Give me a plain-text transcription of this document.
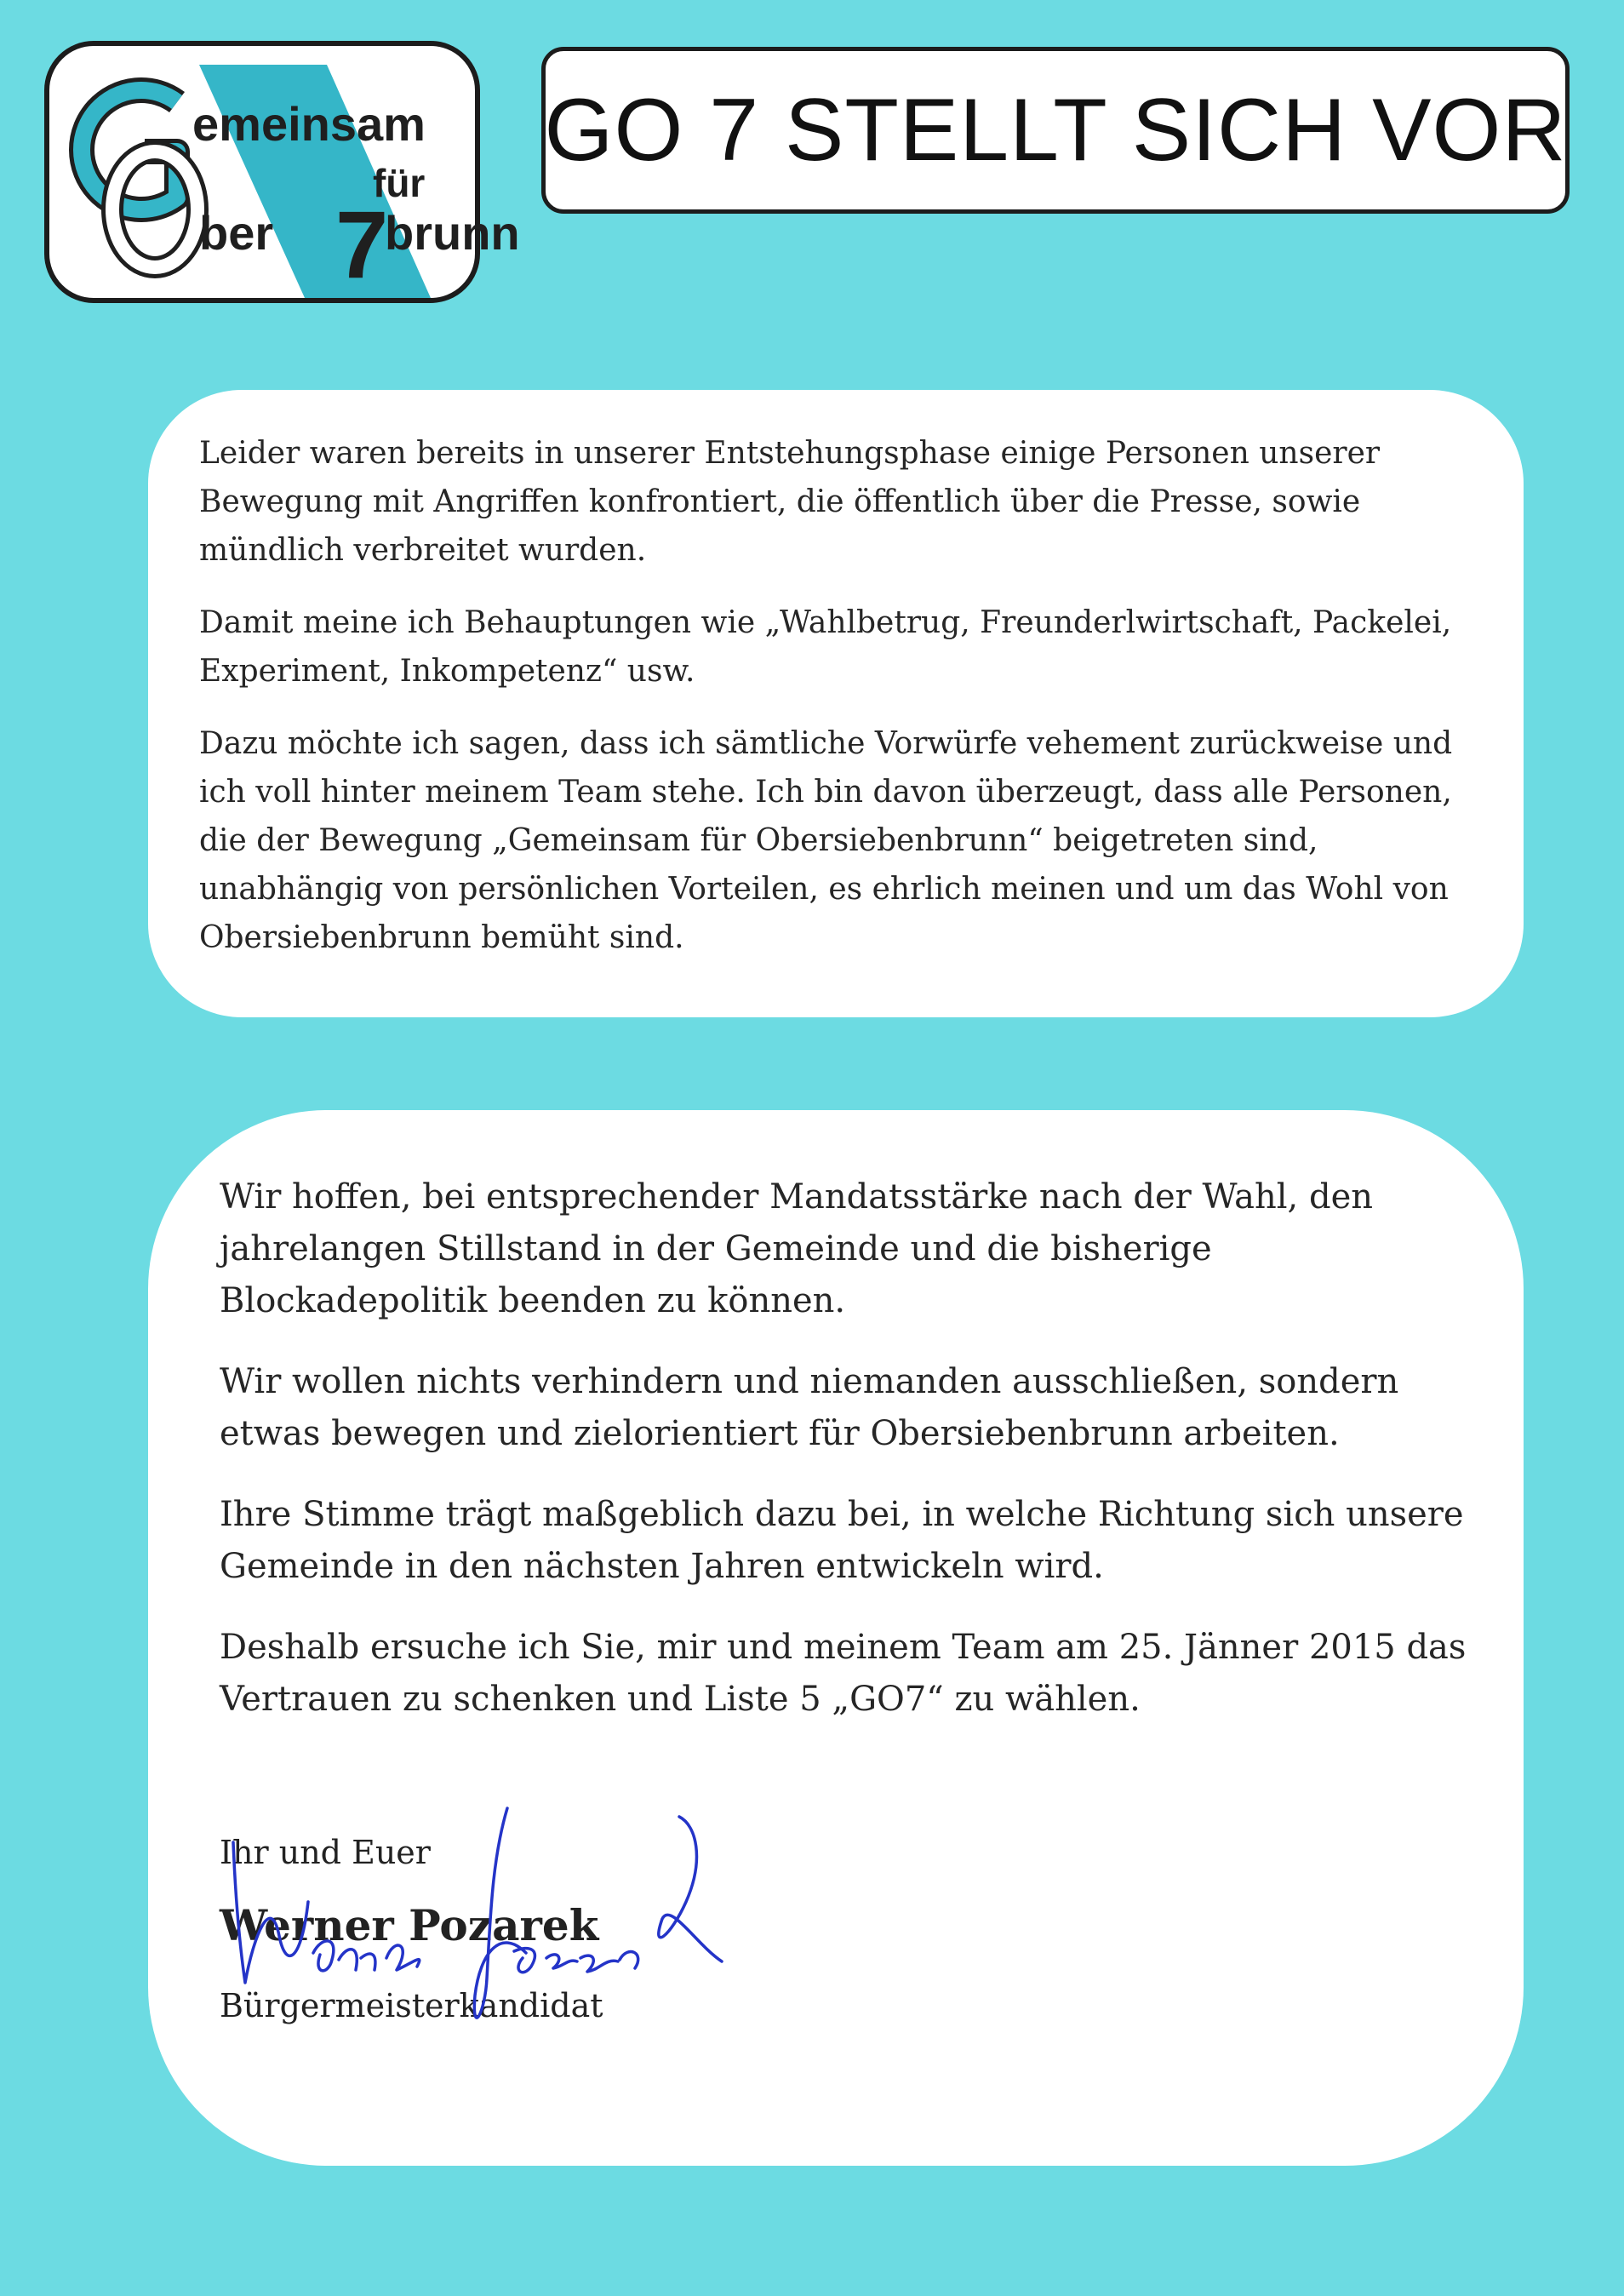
emeinsam
für
ber 7 brunn
GO 7 STELLT SICH VOR

Leider waren bereits in unserer Entstehungsphase einige Personen unserer Bewegung mit Angriffen konfrontiert, die öffentlich über die Presse, sowie mündlich verbreitet wurden.

Damit meine ich Behauptungen wie „Wahlbetrug, Freunderlwirtschaft, Packelei, Experiment, Inkompetenz“ usw.

Dazu möchte ich sagen, dass ich sämtliche Vorwürfe vehement zurückweise und ich voll hinter meinem Team stehe. Ich bin davon überzeugt, dass alle Personen, die der Bewegung „Gemeinsam für Obersiebenbrunn“ beigetreten sind, unabhängig von persönlichen Vorteilen, es ehrlich meinen und um das Wohl von Obersiebenbrunn bemüht sind.

Wir hoffen, bei entsprechender Mandatsstärke nach der Wahl, den jahrelangen Stillstand in der Gemeinde und die bisherige Blockadepolitik beenden zu können.

Wir wollen nichts verhindern und niemanden ausschließen, sondern etwas bewegen und zielorientiert für Obersiebenbrunn arbeiten.

Ihre Stimme trägt maßgeblich dazu bei, in welche Richtung sich unsere Gemeinde in den nächsten Jahren entwickeln wird.

Deshalb ersuche ich Sie, mir und meinem Team am 25. Jänner 2015 das Vertrauen zu schenken und Liste 5 „GO7“ zu wählen.

Ihr und Euer
Werner Pozarek
Bürgermeisterkandidat
